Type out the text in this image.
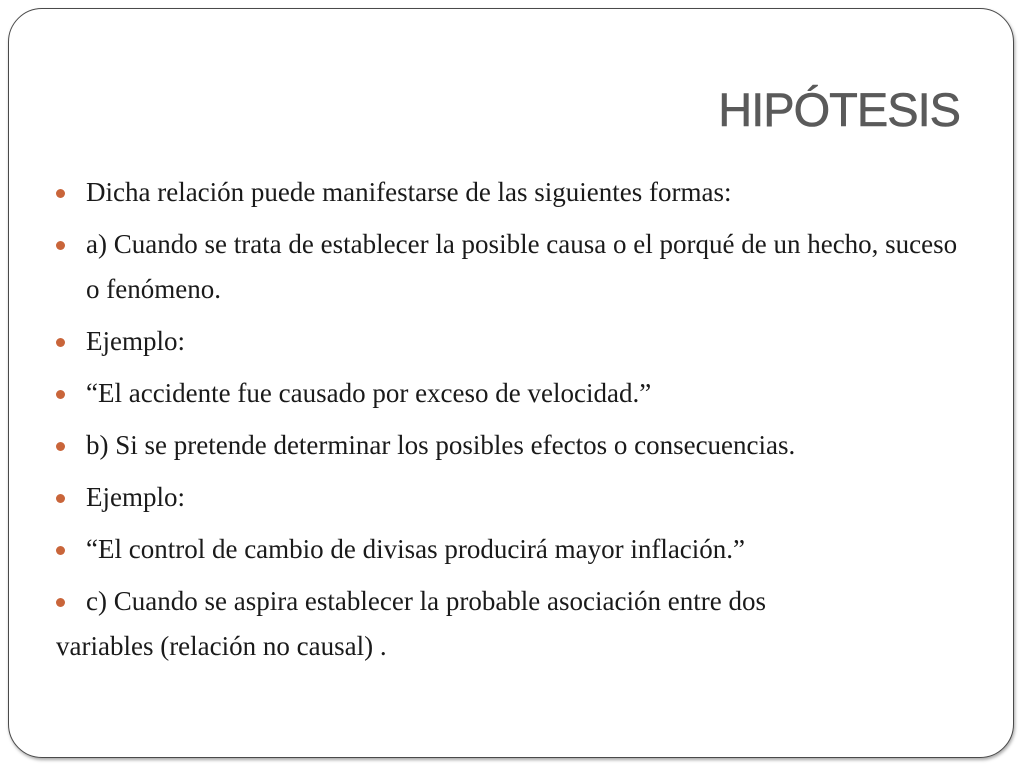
HIPÓTESIS
Dicha relación puede manifestarse de las siguientes formas:
a) Cuando se trata de establecer la posible causa o el porqué de un hecho, suceso o fenómeno.
Ejemplo:
“El accidente fue causado por exceso de velocidad.”
b) Si se pretende determinar los posibles efectos o consecuencias.
Ejemplo:
“El control de cambio de divisas producirá mayor inflación.”
c) Cuando se aspira establecer la probable asociación entre dos

variables (relación no causal) .
